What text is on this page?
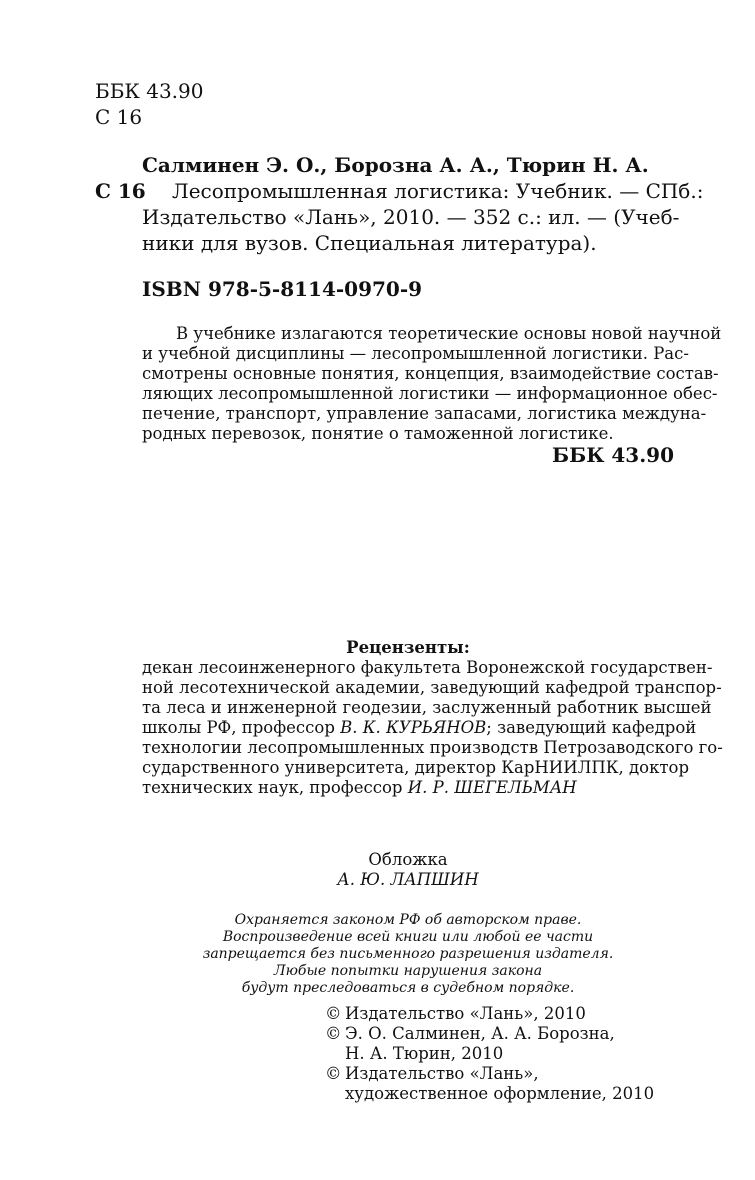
ББК 43.90
С 16
Салминен Э. О., Борозна А. А., Тюрин Н. А.
С 16	Лесопромышленная логистика: Учебник. — СПб.:
Издательство «Лань», 2010. — 352 с.: ил. — (Учеб-
ники для вузов. Специальная литература).
ISBN 978-5-8114-0970-9
В учебнике излагаются теоретические основы новой научной
и учебной дисциплины — лесопромышленной логистики. Рас-
смотрены основные понятия, концепция, взаимодействие состав-
ляющих лесопромышленной логистики — информационное обес-
печение, транспорт, управление запасами, логистика междуна-
родных перевозок, понятие о таможенной логистике.
ББК 43.90
Рецензенты:
декан лесоинженерного факультета Воронежской государствен-
ной лесотехнической академии, заведующий кафедрой транспор-
та леса и инженерной геодезии, заслуженный работник высшей
школы РФ, профессор В. К. КУРЬЯНОВ; заведующий кафедрой
технологии лесопромышленных производств Петрозаводского го-
сударственного университета, директор КарНИИЛПК, доктор
технических наук, профессор И. Р. ШЕГЕЛЬМАН
Обложка
А. Ю. ЛАПШИН
Охраняется законом РФ об авторском праве.
Воспроизведение всей книги или любой ее части
запрещается без письменного разрешения издателя.
Любые попытки нарушения закона
будут преследоваться в судебном порядке.
© Издательство «Лань», 2010
© Э. О. Салминен, А. А. Борозна,
Н. А. Тюрин, 2010
© Издательство «Лань»,
художественное оформление, 2010
